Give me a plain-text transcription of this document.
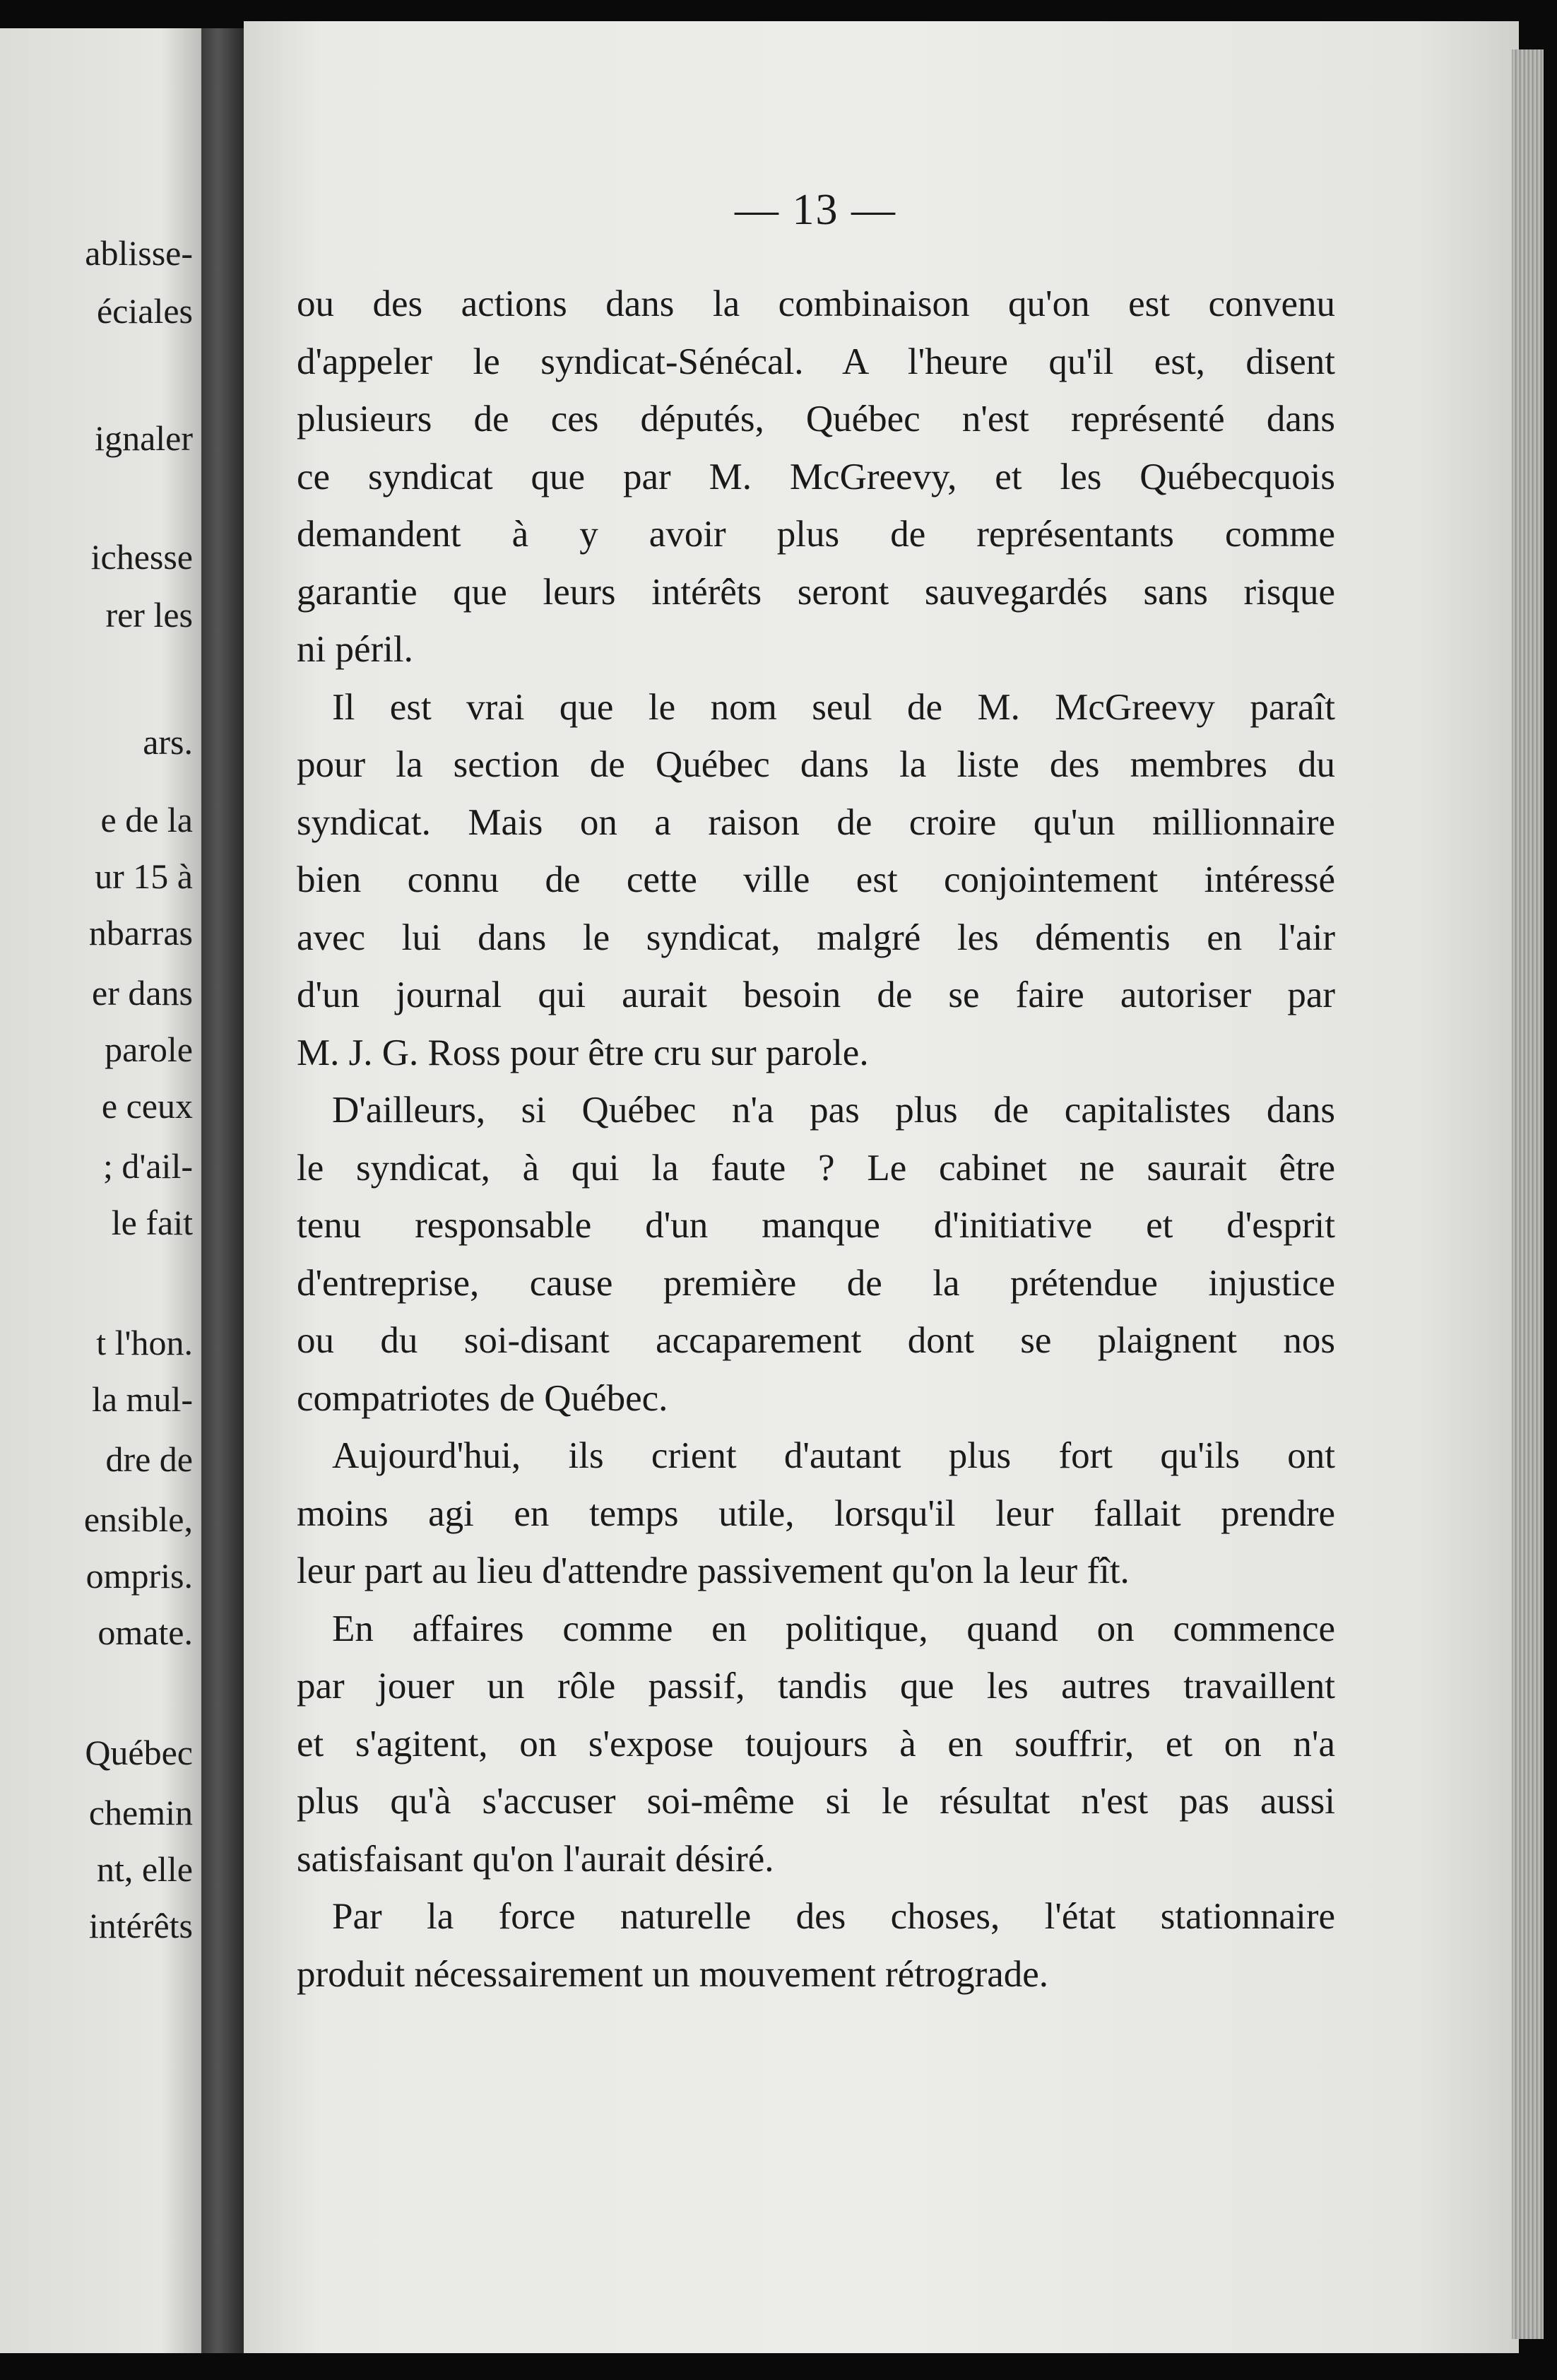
ablisse-
éciales
ignaler
ichesse
rer les
ars.
e de la
ur 15 à
nbarras
er dans
parole
e ceux
; d'ail-
le fait
t l'hon.
la mul-
dre de
ensible,
ompris.
omate.
Québec
chemin
nt, elle
intérêts
— 13 —
ou des actions dans la combinaison qu'on est convenu
d'appeler le syndicat-Sénécal. A l'heure qu'il est, disent
plusieurs de ces députés, Québec n'est représenté dans
ce syndicat que par M. McGreevy, et les Québecquois
demandent à y avoir plus de représentants comme
garantie que leurs intérêts seront sauvegardés sans risque
ni péril.
Il est vrai que le nom seul de M. McGreevy paraît
pour la section de Québec dans la liste des membres du
syndicat. Mais on a raison de croire qu'un millionnaire
bien connu de cette ville est conjointement intéressé
avec lui dans le syndicat, malgré les démentis en l'air
d'un journal qui aurait besoin de se faire autoriser par
M. J. G. Ross pour être cru sur parole.
D'ailleurs, si Québec n'a pas plus de capitalistes dans
le syndicat, à qui la faute ? Le cabinet ne saurait être
tenu responsable d'un manque d'initiative et d'esprit
d'entreprise, cause première de la prétendue injustice
ou du soi-disant accaparement dont se plaignent nos
compatriotes de Québec.
Aujourd'hui, ils crient d'autant plus fort qu'ils ont
moins agi en temps utile, lorsqu'il leur fallait prendre
leur part au lieu d'attendre passivement qu'on la leur fît.
En affaires comme en politique, quand on commence
par jouer un rôle passif, tandis que les autres travaillent
et s'agitent, on s'expose toujours à en souffrir, et on n'a
plus qu'à s'accuser soi-même si le résultat n'est pas aussi
satisfaisant qu'on l'aurait désiré.
Par la force naturelle des choses, l'état stationnaire
produit nécessairement un mouvement rétrograde.
